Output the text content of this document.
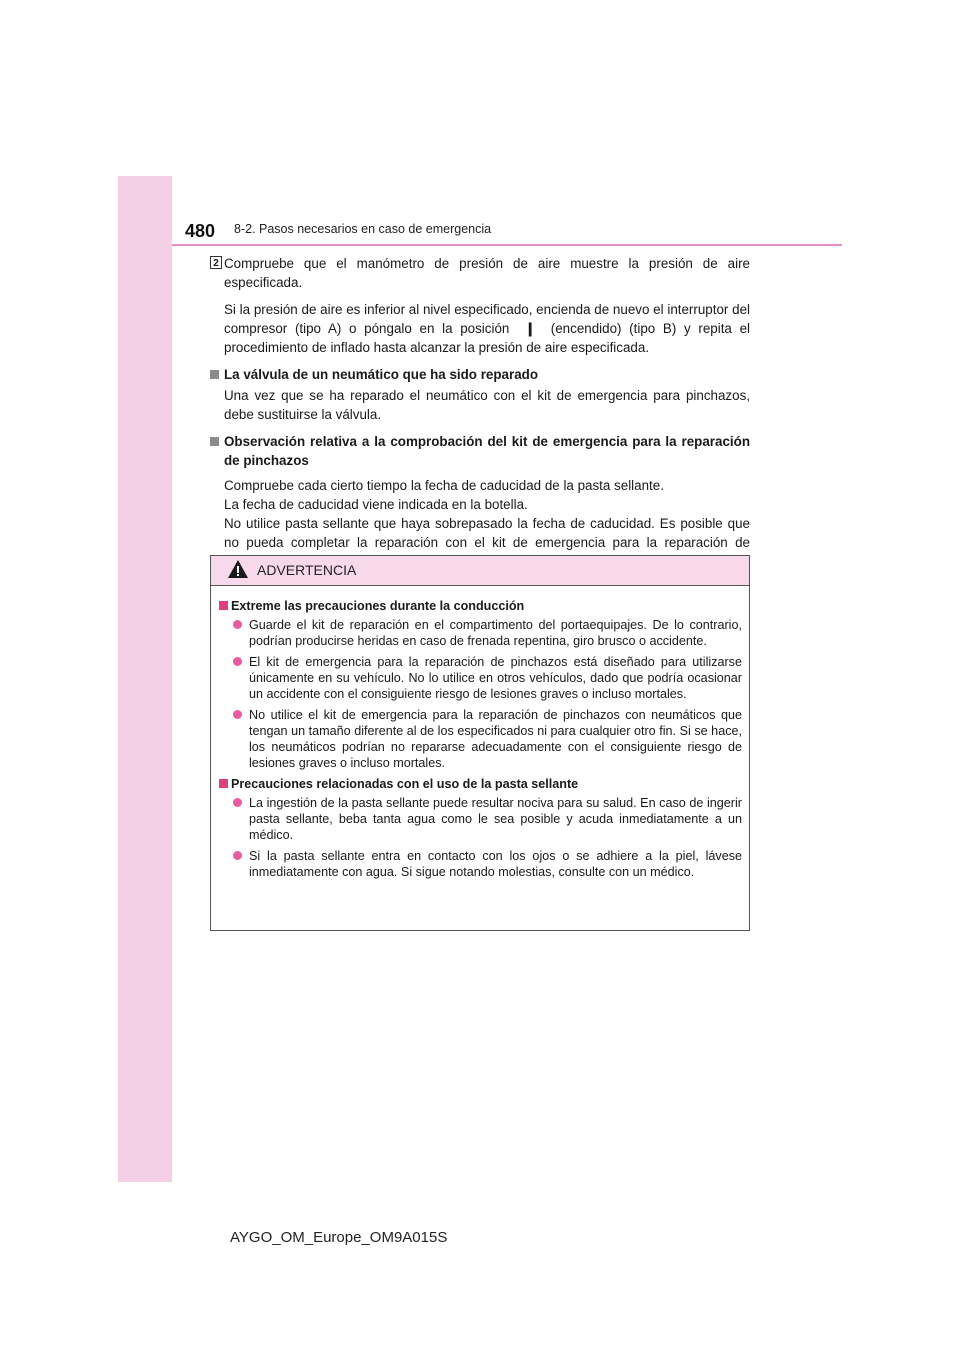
480 8-2. Pasos necesarios en caso de emergencia
2 Compruebe que el manómetro de presión de aire muestre la presión de aire especificada.

Si la presión de aire es inferior al nivel especificado, encienda de nuevo el interruptor del compresor (tipo A) o póngalo en la posición ❙ (encendido) (tipo B) y repita el procedimiento de inflado hasta alcanzar la presión de aire especificada.

La válvula de un neumático que ha sido reparado

Una vez que se ha reparado el neumático con el kit de emergencia para pinchazos, debe sustituirse la válvula.

Observación relativa a la comprobación del kit de emergencia para la reparación de pinchazos
Compruebe cada cierto tiempo la fecha de caducidad de la pasta sellante.
La fecha de caducidad viene indicada en la botella.
No utilice pasta sellante que haya sobrepasado la fecha de caducidad. Es posible que no pueda completar la reparación con el kit de emergencia para la reparación de
ADVERTENCIA
Extreme las precauciones durante la conducción
Guarde el kit de reparación en el compartimento del portaequipajes. De lo contrario, podrían producirse heridas en caso de frenada repentina, giro brusco o accidente.
El kit de emergencia para la reparación de pinchazos está diseñado para utilizarse únicamente en su vehículo. No lo utilice en otros vehículos, dado que podría ocasionar un accidente con el consiguiente riesgo de lesiones graves o incluso mortales.
No utilice el kit de emergencia para la reparación de pinchazos con neumáticos que tengan un tamaño diferente al de los especificados ni para cualquier otro fin. Si se hace, los neumáticos podrían no repararse adecuadamente con el consiguiente riesgo de lesiones graves o incluso mortales.
Precauciones relacionadas con el uso de la pasta sellante
La ingestión de la pasta sellante puede resultar nociva para su salud. En caso de ingerir pasta sellante, beba tanta agua como le sea posible y acuda inmediatamente a un médico.
Si la pasta sellante entra en contacto con los ojos o se adhiere a la piel, lávese inmediatamente con agua. Si sigue notando molestias, consulte con un médico.
AYGO_OM_Europe_OM9A015S
